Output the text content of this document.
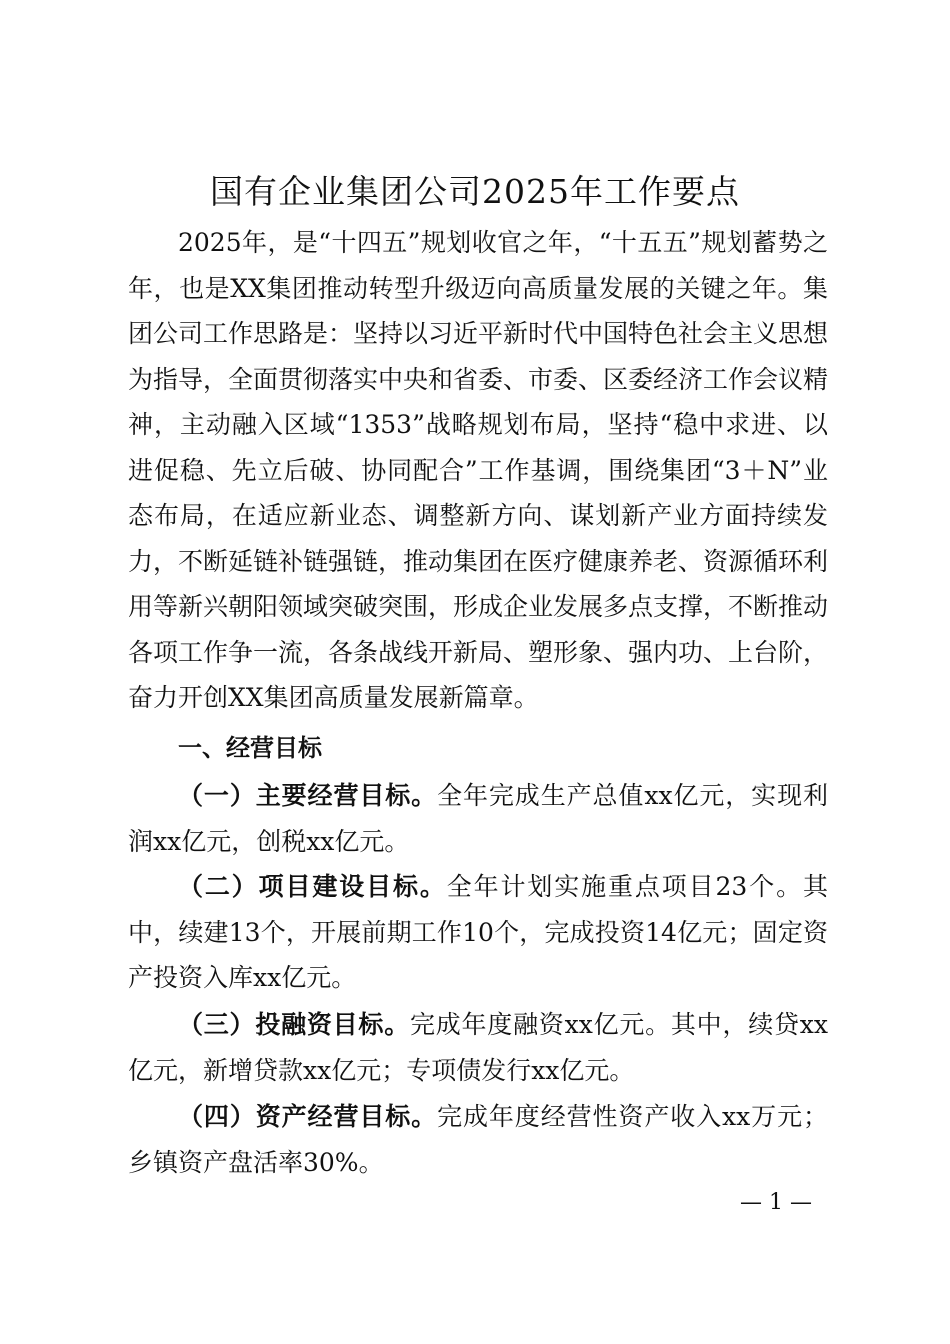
国有企业集团公司2025年工作要点

2025年，是“十四五”规划收官之年，“十五五”规划蓄势之年，也是XX集团推动转型升级迈向高质量发展的关键之年。集团公司工作思路是：坚持以习近平新时代中国特色社会主义思想为指导，全面贯彻落实中央和省委、市委、区委经济工作会议精神，主动融入区域“1353”战略规划布局，坚持“稳中求进、以进促稳、先立后破、协同配合”工作基调，围绕集团“3＋N”业态布局，在适应新业态、调整新方向、谋划新产业方面持续发力，不断延链补链强链，推动集团在医疗健康养老、资源循环利用等新兴朝阳领域突破突围，形成企业发展多点支撑，不断推动各项工作争一流，各条战线开新局、塑形象、强内功、上台阶，奋力开创XX集团高质量发展新篇章。

一、经营目标

（一）主要经营目标。全年完成生产总值xx亿元，实现利润xx亿元，创税xx亿元。

（二）项目建设目标。全年计划实施重点项目23个。其中，续建13个，开展前期工作10个，完成投资14亿元；固定资产投资入库xx亿元。

（三）投融资目标。完成年度融资xx亿元。其中，续贷xx亿元，新增贷款xx亿元；专项债发行xx亿元。

（四）资产经营目标。完成年度经营性资产收入xx万元；乡镇资产盘活率30%。

— 1 —
